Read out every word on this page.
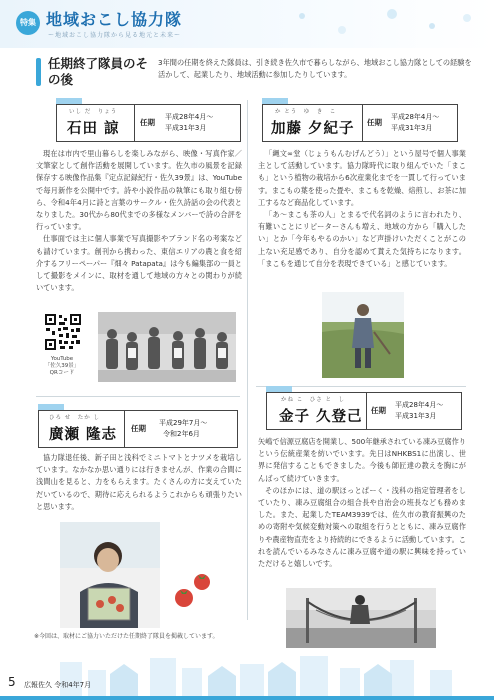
特集 地域おこし協力隊
ー地域おこし協力隊から見る地元と未来ー
任期終了隊員のその後
3年間の任期を終えた隊員は、引き続き佐久市で暮らしながら、地域おこし協力隊としての経験を活かして、起業したり、地域活動に参加したりしています。
いし だ　りょう
石田 諒	任期
平成28年4月〜
平成31年3月

現在は市内で里山暮らしを楽しみながら、映像・写真作家／文筆家として創作活動を展開しています。佐久市の風景を記録保存する映像作品集『定点記録紀行・佐久39景』は、YouTubeで毎月新作を公開中です。詩や小説作品の執筆にも取り組む傍ら、令和4年4月に詩と言葉のサークル・佐久詩話の会の代表となりました。30代から80代までの多様なメンバーで詩の合評を行っています。

仕事面では主に個人事業で写真撮影やブランド名の考案なども請けています。創刊から携わった、東信エリアの農と食を紹介するフリーペーパー『畑々 Patapata』は今も編集部の一員として撮影をメインに、取材を通して地域の方々との関わりが続いています。

YouTube
「佐久39景」
QRコード
か とう　ゆ　き　こ
加藤 夕紀子 任期
平成28年4月〜
平成31年3月

「縄文∞堂（じょうもんむげんどう）」という屋号で個人事業主として活動しています。協力隊時代に取り組んでいた「まこも」という植物の栽培から6次産業化までを一貫して行っています。まこもの葉を使った畳や、まこもを乾燥、焙煎し、お茶に加工するなど商品化しています。

「あ〜まこも茶の人」とまるで代名詞のように言われたり、有難いことにリピーターさんも増え、地域の方から「購入したい」とか「今年もやるのかい」など声掛けいただくことがこの上ない充足感であり、自分を認めて貰えた気持ちになります。「まこもを通じて自分を表現できている」と感じています。

ひろ せ　たか し
廣瀬 隆志 任期
平成29年7月〜
令和2年6月

協力隊退任後、新子田と浅科でミニトマトとナツメを栽培しています。なかなか思い通りには行きませんが、作業の合間に浅間山を見ると、力をもらえます。たくさんの方に支えていただいているので、期待に応えられるようこれからも頑張りたいと思います。

かね こ　ひさ と　し
金子 久登己 任期
平成28年4月〜
平成31年3月

矢嶋で信源豆腐店を開業し、500年継承されている凍み豆腐作りという伝統産業を紡いでいます。先日はNHKBS1に出演し、世界に発信することもできました。今後も師匠達の教えを胸にがんばって続けていきます。

そのほかには、道の駅ほっとぱーく・浅科の指定管理者をしていたり、凍み豆腐組合の組合長や自治会の班長なども務めました。また、起業したTEAM3939では、佐久市の教育振興のための寄附や気候変動対策への取組を行うとともに、凍み豆腐作りや農産物直売をより持続的にできるように活動しています。これを読んでいるみなさんに凍み豆腐や道の駅に興味を持っていただけると嬉しいです。

※今回は、取材にご協力いただけた任期終了隊員を掲載しています。
5 広報佐久 令和4年7月
